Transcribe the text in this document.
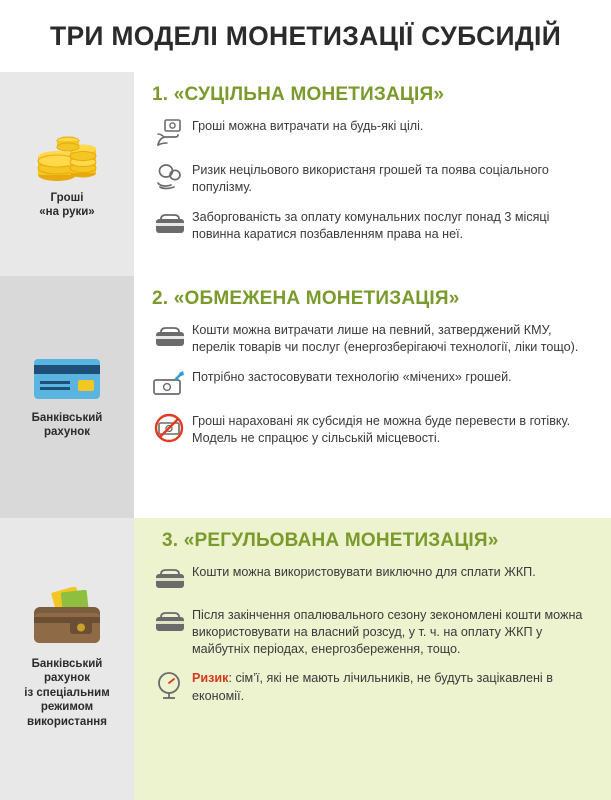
ТРИ МОДЕЛІ МОНЕТИЗАЦІЇ СУБСИДІЙ
Гроші
«на руки»
Банківський
рахунок
Банківський
рахунок
із спеціальним
режимом
використання
1. «СУЦІЛЬНА МОНЕТИЗАЦІЯ»
Гроші можна витрачати на будь-які цілі.
Ризик нецільового використаня грошей та поява соціального популізму.
Заборгованість за оплату комунальних послуг понад 3 місяці повинна каратися позбавленням права на неї.
2. «ОБМЕЖЕНА МОНЕТИЗАЦІЯ»
Кошти можна витрачати лише на певний, затверджений КМУ, перелік товарів чи послуг (енергозберігаючі технології, ліки тощо).
Потрібно застосовувати технологію «мічених» грошей.
Гроші нараховані як субсидія не можна буде перевести в готівку. Модель не спрацює у сільській місцевості.
3. «РЕГУЛЬОВАНА МОНЕТИЗАЦІЯ»
Кошти можна використовувати виключно для сплати ЖКП.
Після закінчення опалювального сезону зекономлені кошти можна використовувати на власний розсуд, у т. ч. на оплату ЖКП у майбутніх періодах, енергозбереження, тощо.
Ризик: сім’ї, які не мають лічильників, не будуть зацікавлені в економії.
